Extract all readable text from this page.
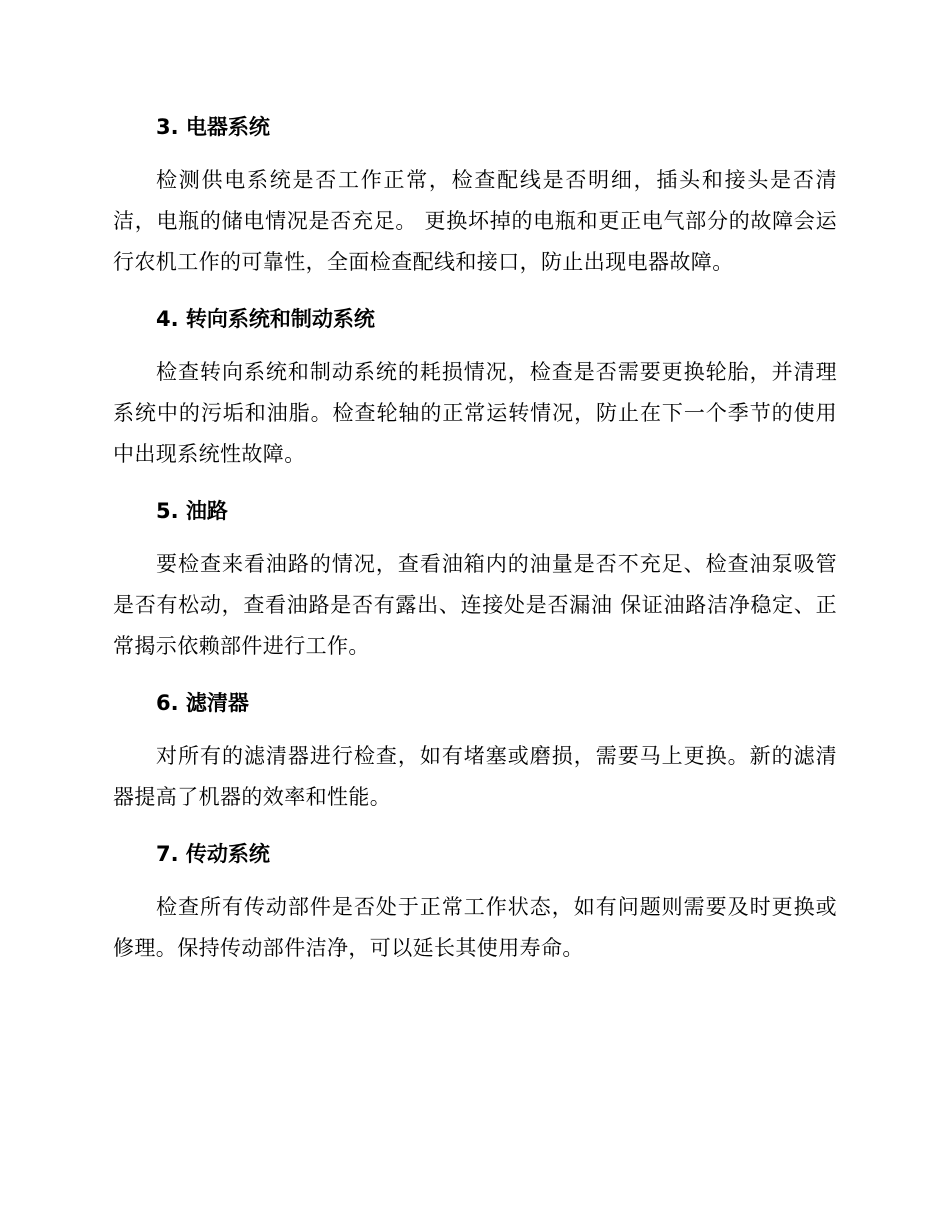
3. 电器系统

检测供电系统是否工作正常，检查配线是否明细，插头和接头是否清洁，电瓶的储电情况是否充足。 更换坏掉的电瓶和更正电气部分的故障会运行农机工作的可靠性，全面检查配线和接口，防止出现电器故障。

4. 转向系统和制动系统

检查转向系统和制动系统的耗损情况，检查是否需要更换轮胎，并清理系统中的污垢和油脂。检查轮轴的正常运转情况，防止在下一个季节的使用中出现系统性故障。

5. 油路

要检查来看油路的情况，查看油箱内的油量是否不充足、检查油泵吸管是否有松动，查看油路是否有露出、连接处是否漏油 保证油路洁净稳定、正常揭示依赖部件进行工作。

6. 滤清器

对所有的滤清器进行检查，如有堵塞或磨损，需要马上更换。新的滤清器提高了机器的效率和性能。

7. 传动系统

检查所有传动部件是否处于正常工作状态，如有问题则需要及时更换或修理。保持传动部件洁净，可以延长其使用寿命。
